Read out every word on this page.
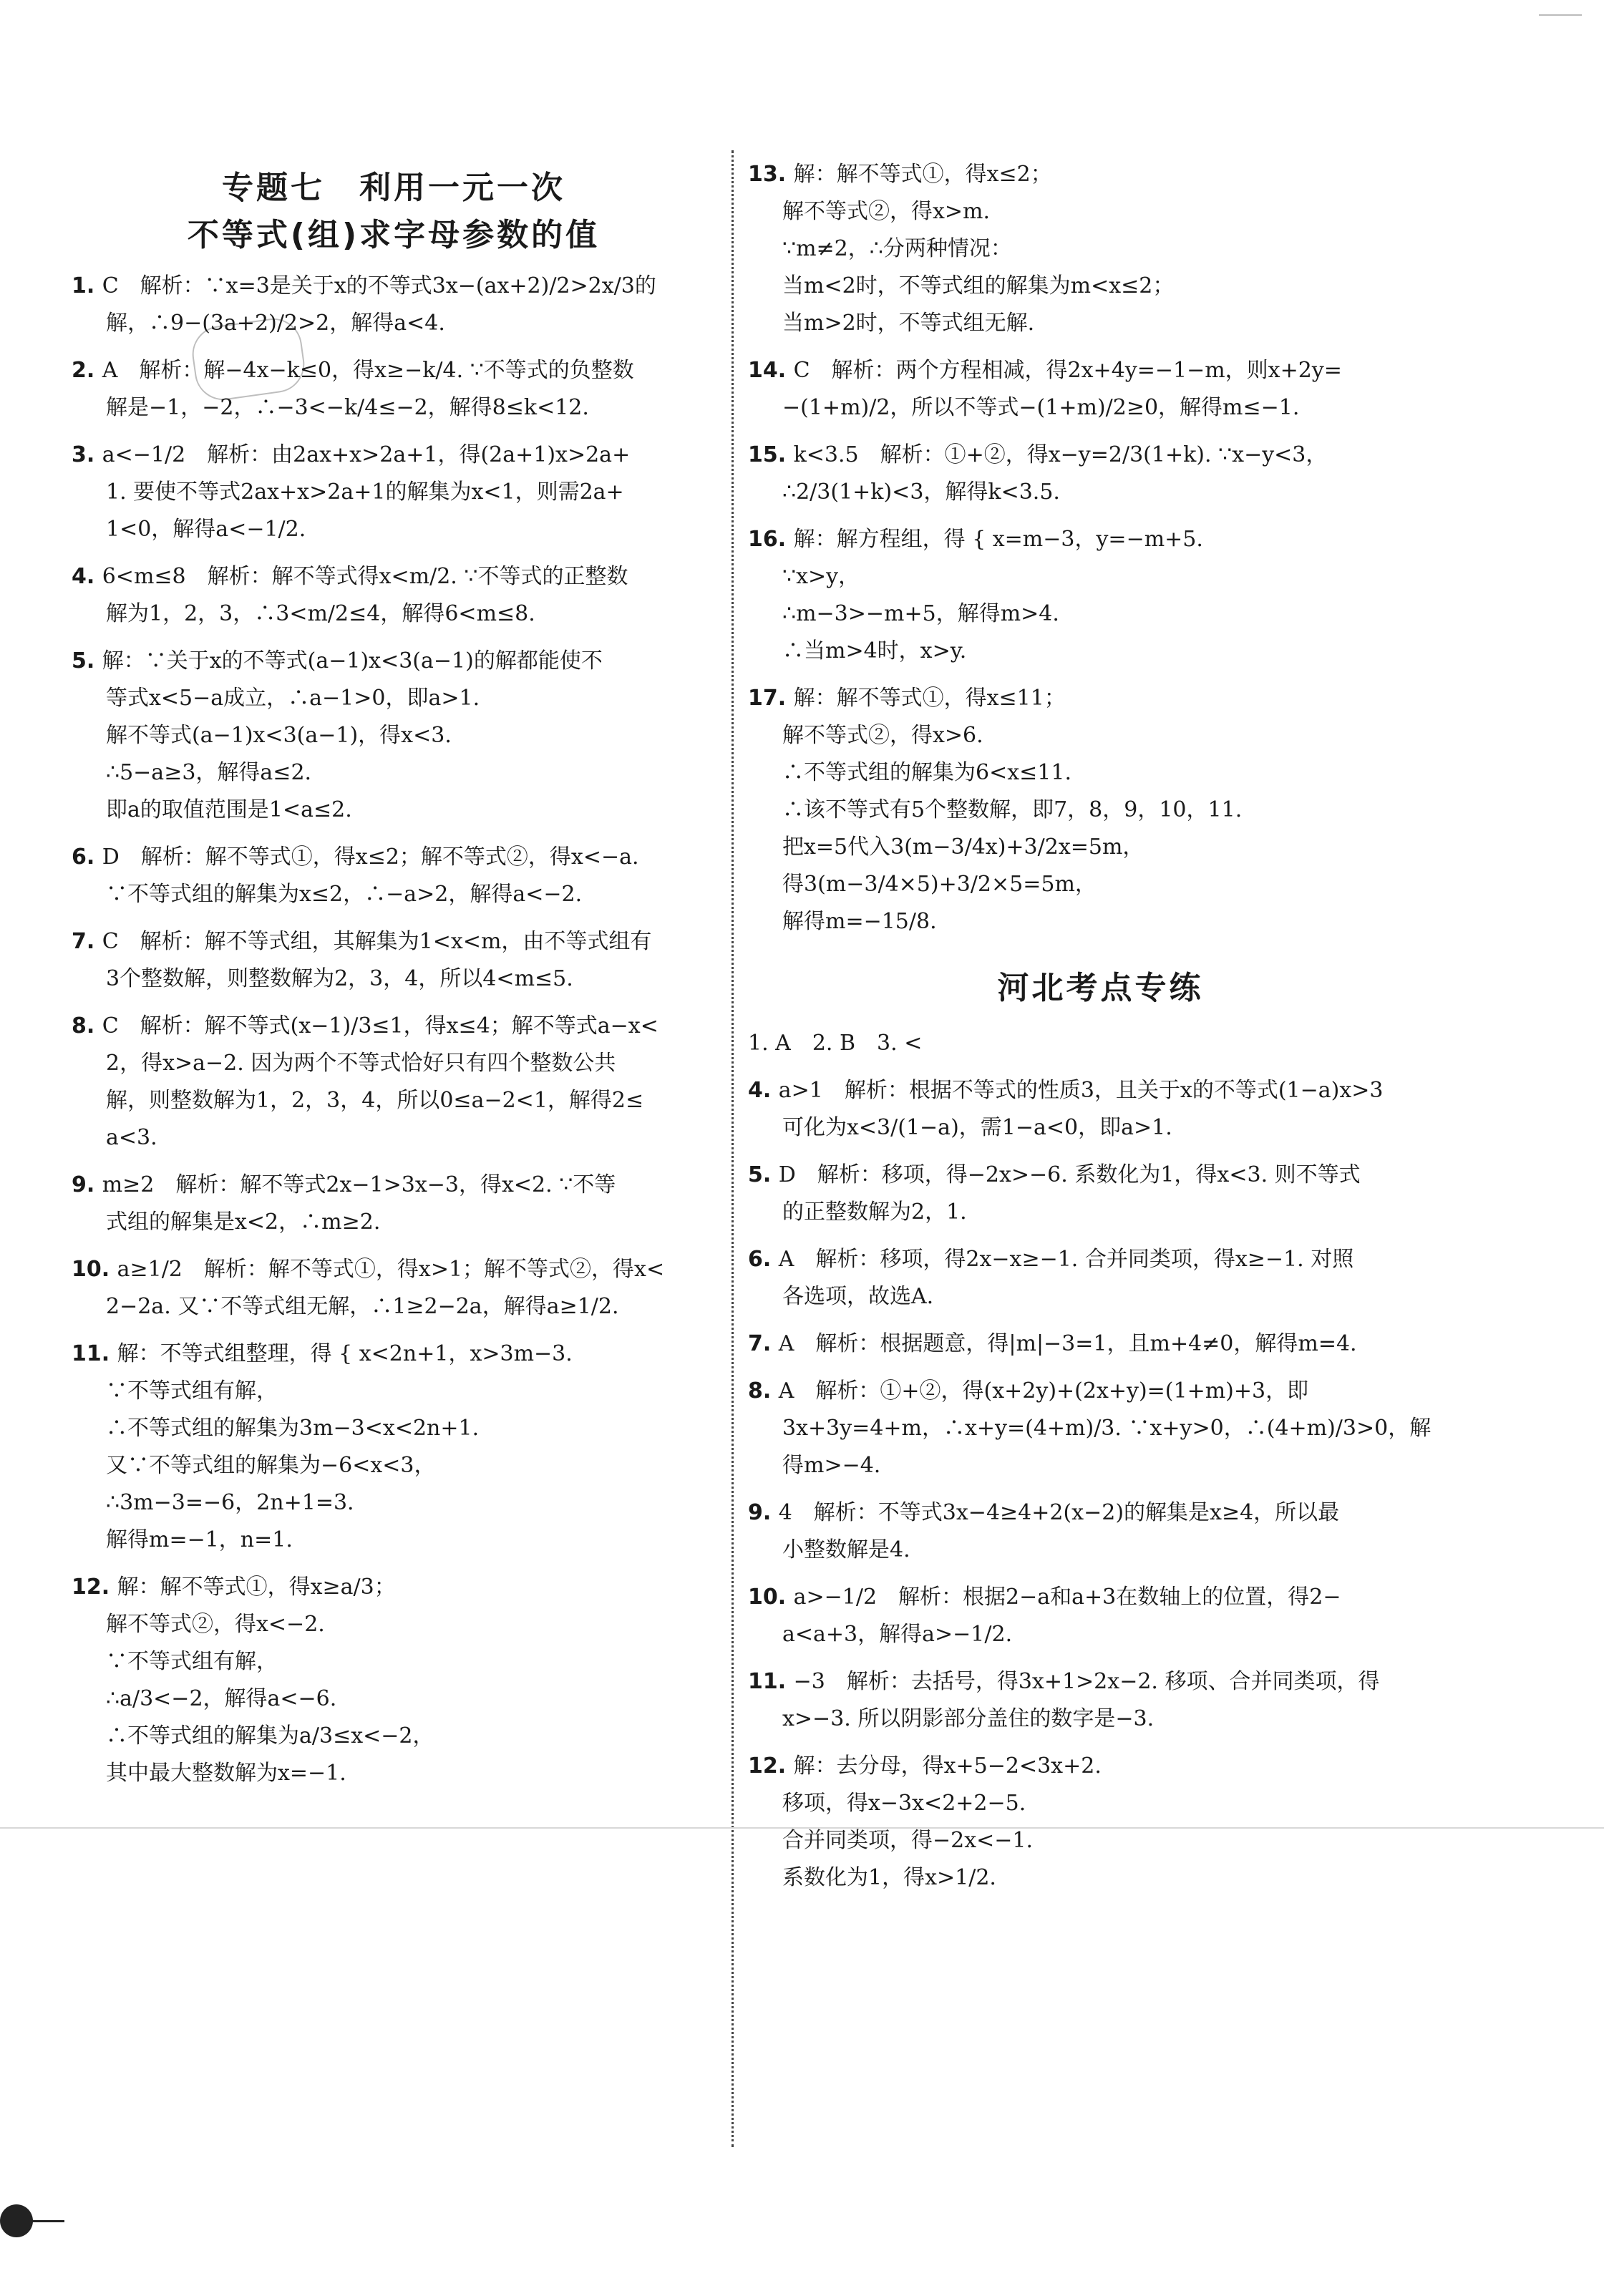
专题七　利用一元一次

不等式(组)求字母参数的值

1. C　解析：∵x=3是关于x的不等式3x−(ax+2)/2>2x/3的

解，∴9−(3a+2)/2>2，解得a<4.

2. A　解析：解−4x−k≤0，得x≥−k/4. ∵不等式的负整数

解是−1，−2，∴−3<−k/4≤−2，解得8≤k<12.

3. a<−1/2　解析：由2ax+x>2a+1，得(2a+1)x>2a+

1. 要使不等式2ax+x>2a+1的解集为x<1，则需2a+

1<0，解得a<−1/2.

4. 6<m≤8　解析：解不等式得x<m/2. ∵不等式的正整数

解为1，2，3，∴3<m/2≤4，解得6<m≤8.

5. 解：∵关于x的不等式(a−1)x<3(a−1)的解都能使不

等式x<5−a成立，∴a−1>0，即a>1.

解不等式(a−1)x<3(a−1)，得x<3.

∴5−a≥3，解得a≤2.

即a的取值范围是1<a≤2.

6. D　解析：解不等式①，得x≤2；解不等式②，得x<−a.

∵不等式组的解集为x≤2，∴−a>2，解得a<−2.

7. C　解析：解不等式组，其解集为1<x<m，由不等式组有

3个整数解，则整数解为2，3，4，所以4<m≤5.

8. C　解析：解不等式(x−1)/3≤1，得x≤4；解不等式a−x<

2，得x>a−2. 因为两个不等式恰好只有四个整数公共

解，则整数解为1，2，3，4，所以0≤a−2<1，解得2≤

a<3.

9. m≥2　解析：解不等式2x−1>3x−3，得x<2. ∵不等

式组的解集是x<2，∴m≥2.

10. a≥1/2　解析：解不等式①，得x>1；解不等式②，得x<

2−2a. 又∵不等式组无解，∴1≥2−2a，解得a≥1/2.

11. 解：不等式组整理，得 { x<2n+1，x>3m−3.

∵不等式组有解，

∴不等式组的解集为3m−3<x<2n+1.

又∵不等式组的解集为−6<x<3，

∴3m−3=−6，2n+1=3.

解得m=−1，n=1.

12. 解：解不等式①，得x≥a/3；

解不等式②，得x<−2.

∵不等式组有解，

∴a/3<−2，解得a<−6.

∴不等式组的解集为a/3≤x<−2，

其中最大整数解为x=−1.

13. 解：解不等式①，得x≤2；

解不等式②，得x>m.

∵m≠2，∴分两种情况：

当m<2时，不等式组的解集为m<x≤2；

当m>2时，不等式组无解.

14. C　解析：两个方程相减，得2x+4y=−1−m，则x+2y=

−(1+m)/2，所以不等式−(1+m)/2≥0，解得m≤−1.

15. k<3.5　解析：①+②，得x−y=2/3(1+k). ∵x−y<3，

∴2/3(1+k)<3，解得k<3.5.

16. 解：解方程组，得 { x=m−3，y=−m+5.

∵x>y，

∴m−3>−m+5，解得m>4.

∴当m>4时，x>y.

17. 解：解不等式①，得x≤11；

解不等式②，得x>6.

∴不等式组的解集为6<x≤11.

∴该不等式有5个整数解，即7，8，9，10，11.

把x=5代入3(m−3/4x)+3/2x=5m，

得3(m−3/4×5)+3/2×5=5m，

解得m=−15/8.

河北考点专练

1. A　2. B　3. <

4. a>1　解析：根据不等式的性质3，且关于x的不等式(1−a)x>3

可化为x<3/(1−a)，需1−a<0，即a>1.

5. D　解析：移项，得−2x>−6. 系数化为1，得x<3. 则不等式

的正整数解为2，1.

6. A　解析：移项，得2x−x≥−1. 合并同类项，得x≥−1. 对照

各选项，故选A.

7. A　解析：根据题意，得|m|−3=1，且m+4≠0，解得m=4.

8. A　解析：①+②，得(x+2y)+(2x+y)=(1+m)+3，即

3x+3y=4+m，∴x+y=(4+m)/3. ∵x+y>0，∴(4+m)/3>0，解

得m>−4.

9. 4　解析：不等式3x−4≥4+2(x−2)的解集是x≥4，所以最

小整数解是4.

10. a>−1/2　解析：根据2−a和a+3在数轴上的位置，得2−

a<a+3，解得a>−1/2.

11. −3　解析：去括号，得3x+1>2x−2. 移项、合并同类项，得

x>−3. 所以阴影部分盖住的数字是−3.

12. 解：去分母，得x+5−2<3x+2.

移项，得x−3x<2+2−5.

合并同类项，得−2x<−1.

系数化为1，得x>1/2.
